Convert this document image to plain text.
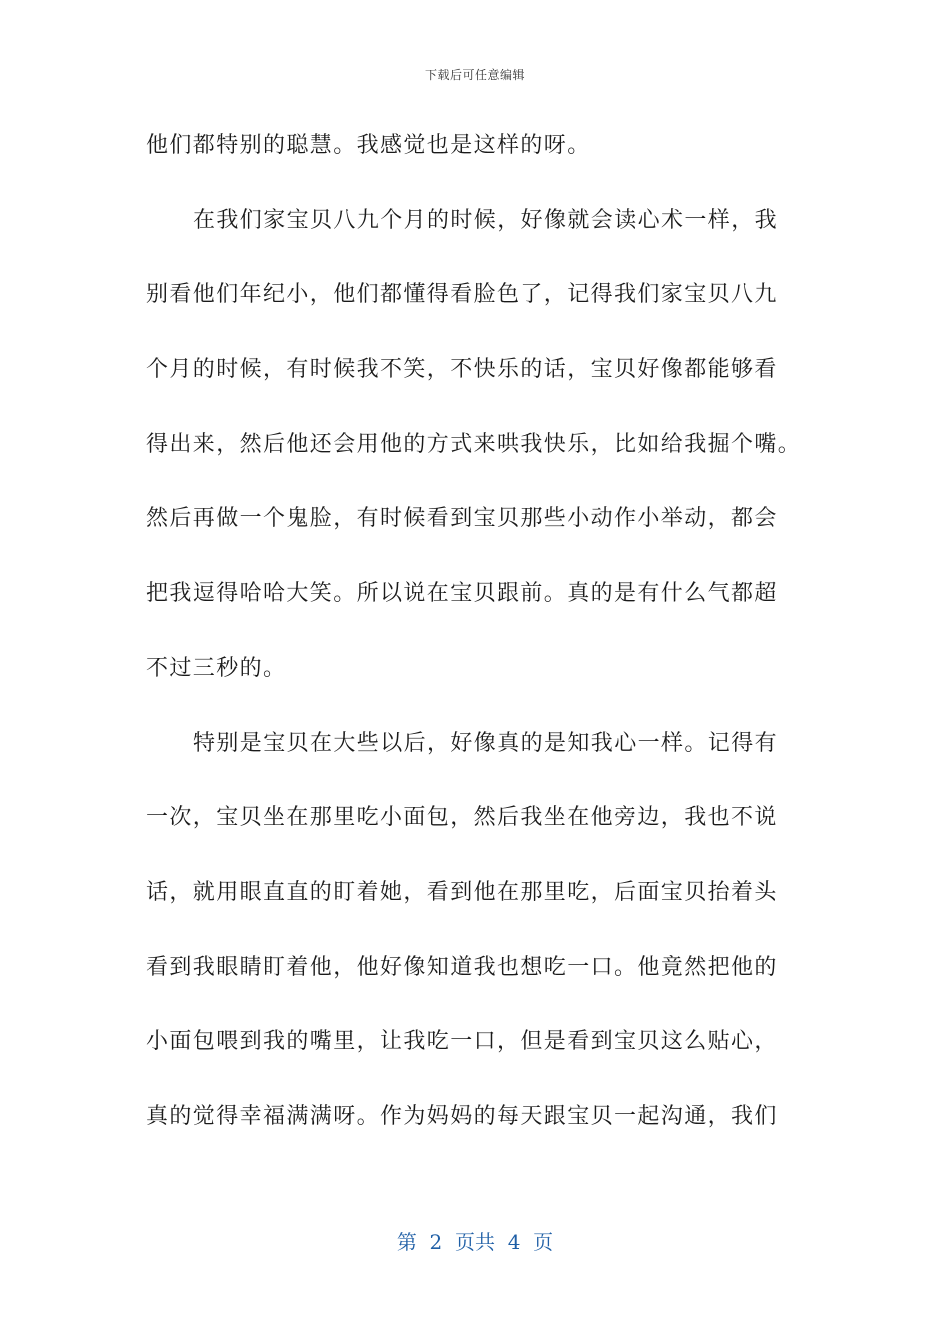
下载后可任意编辑
他们都特别的聪慧。我感觉也是这样的呀。
在我们家宝贝八九个月的时候，好像就会读心术一样，我
别看他们年纪小，他们都懂得看脸色了，记得我们家宝贝八九
个月的时候，有时候我不笑，不快乐的话，宝贝好像都能够看
得出来，然后他还会用他的方式来哄我快乐，比如给我掘个嘴。
然后再做一个鬼脸，有时候看到宝贝那些小动作小举动，都会
把我逗得哈哈大笑。所以说在宝贝跟前。真的是有什么气都超
不过三秒的。
特别是宝贝在大些以后，好像真的是知我心一样。记得有
一次，宝贝坐在那里吃小面包，然后我坐在他旁边，我也不说
话，就用眼直直的盯着她，看到他在那里吃，后面宝贝抬着头
看到我眼睛盯着他，他好像知道我也想吃一口。他竟然把他的
小面包喂到我的嘴里，让我吃一口，但是看到宝贝这么贴心，
真的觉得幸福满满呀。作为妈妈的每天跟宝贝一起沟通，我们
第  2  页共  4  页
